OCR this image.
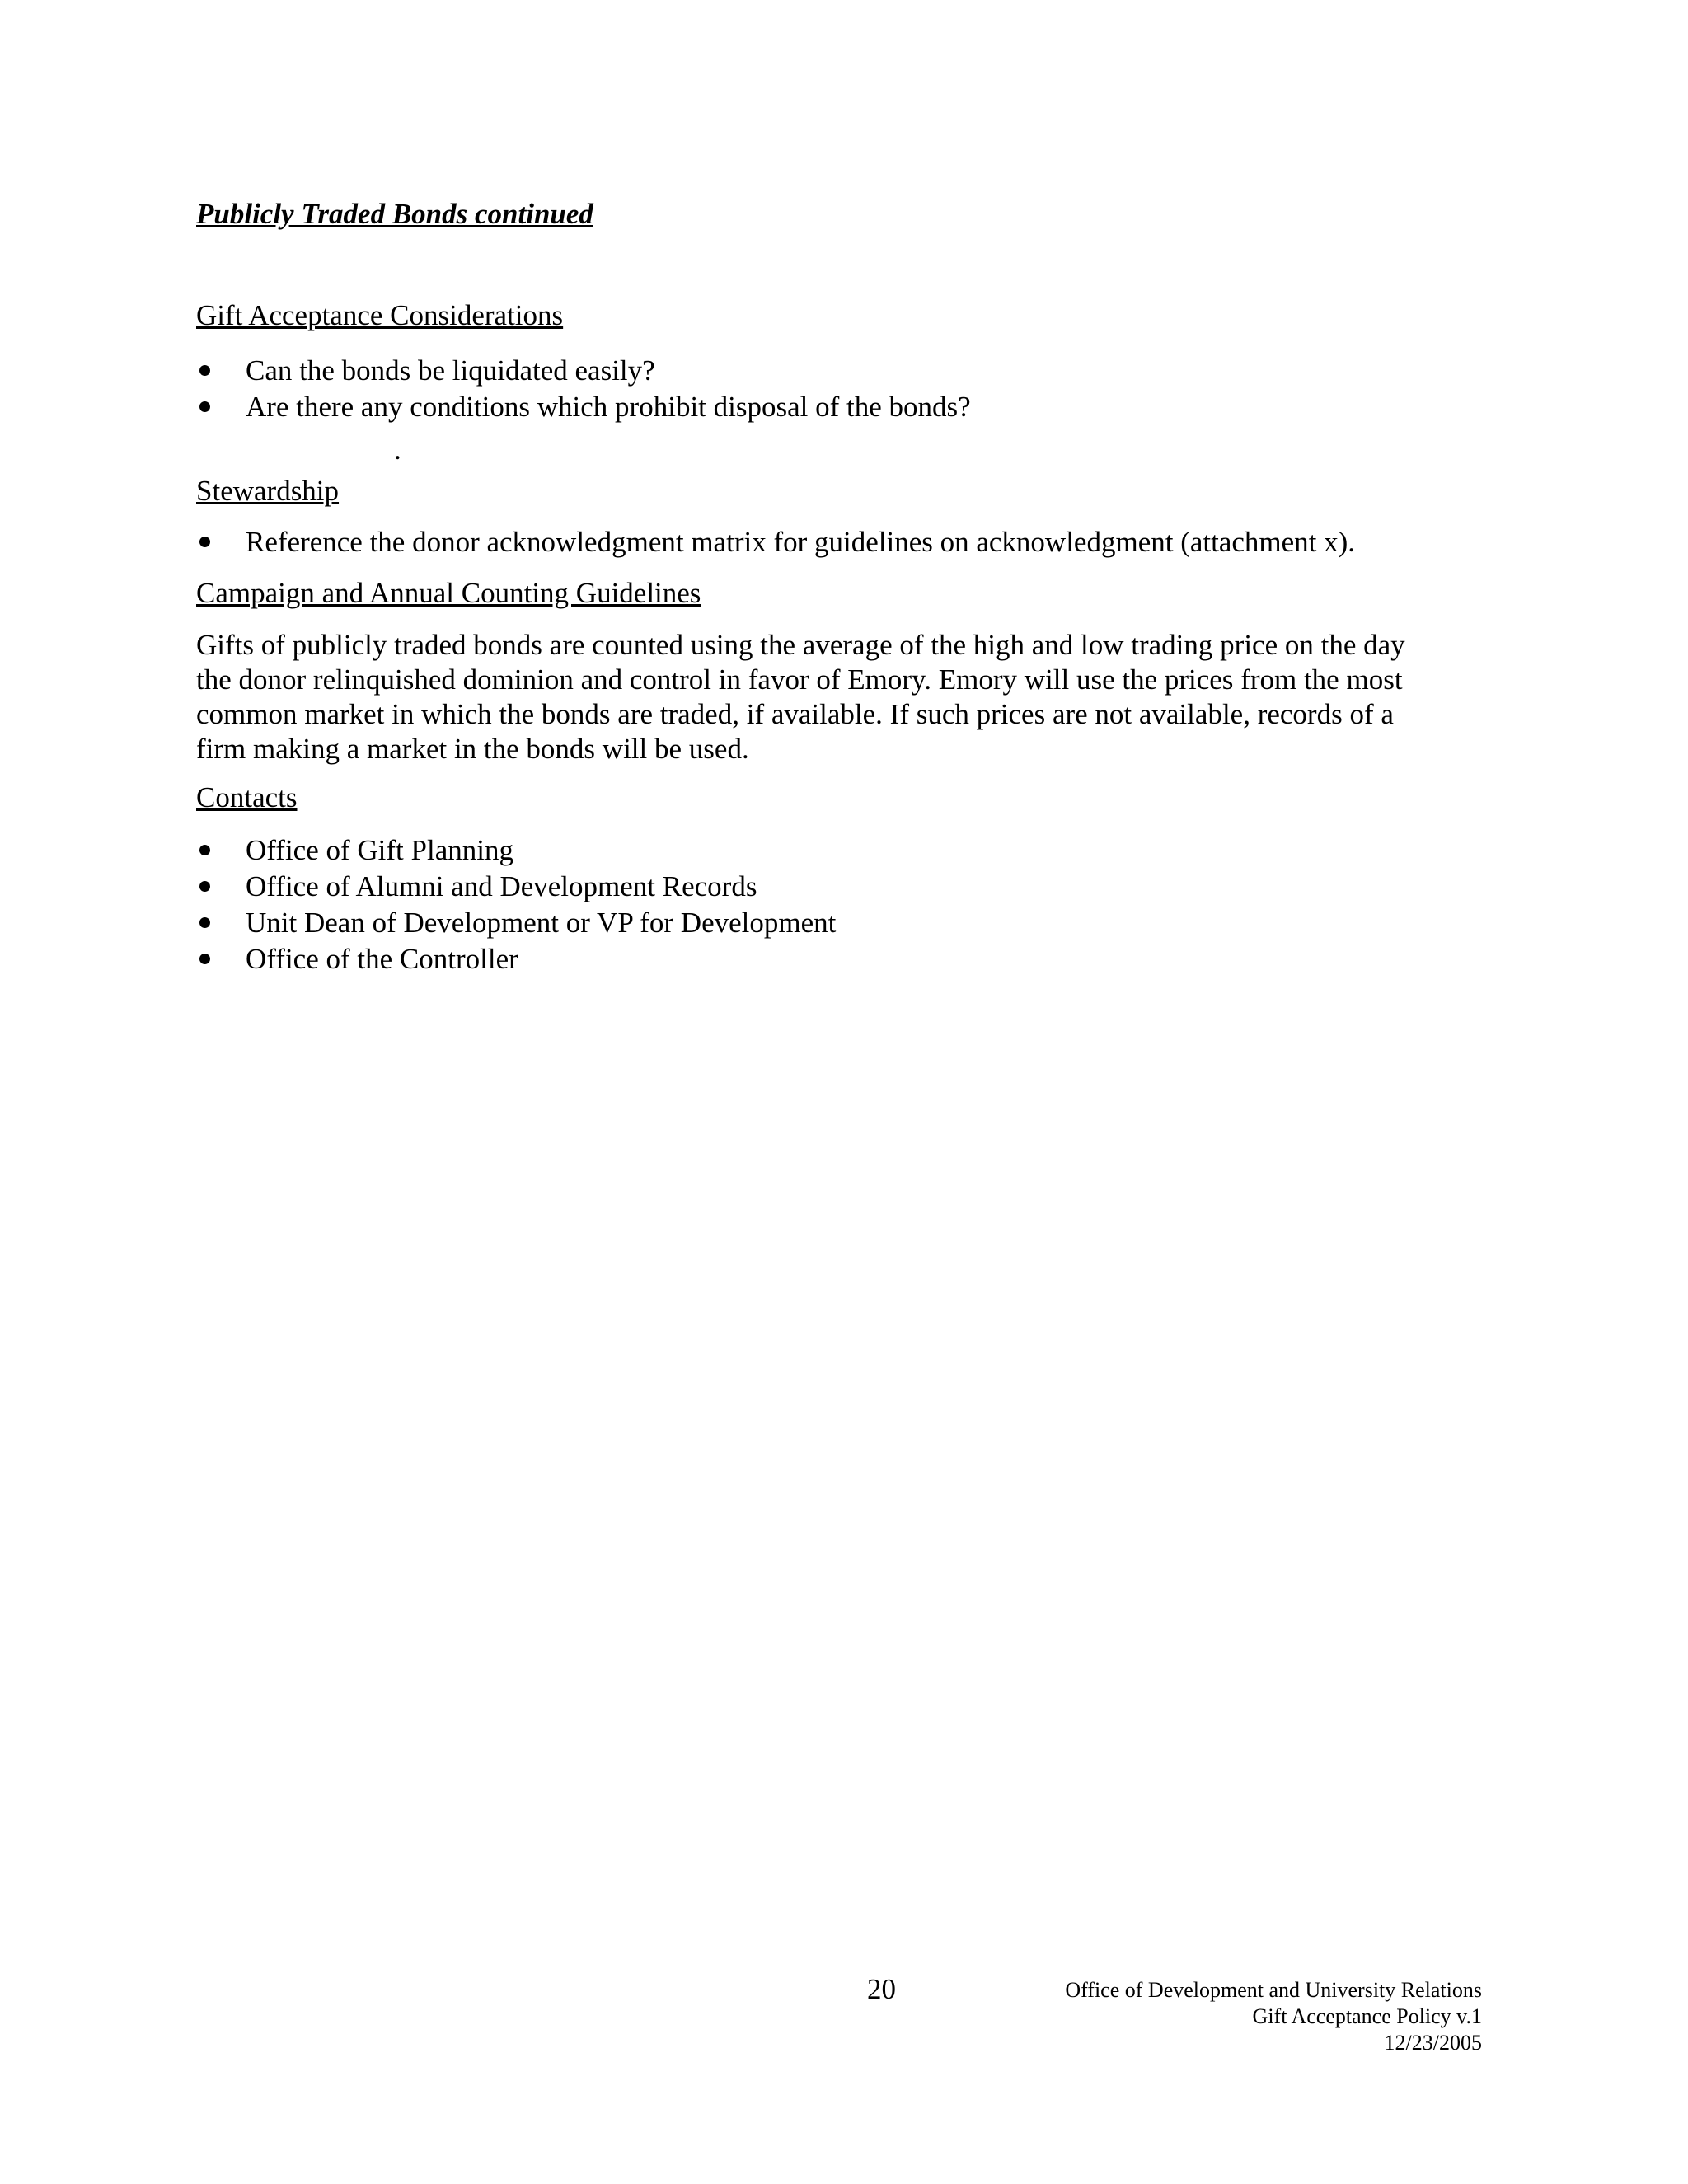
Publicly Traded Bonds continued
Gift Acceptance Considerations
Can the bonds be liquidated easily?
Are there any conditions which prohibit disposal of the bonds?
.
Stewardship
Reference the donor acknowledgment matrix for guidelines on acknowledgment (attachment x).
Campaign and Annual Counting Guidelines

Gifts of publicly traded bonds are counted using the average of the high and low trading price on the day
the donor relinquished dominion and control in favor of Emory. Emory will use the prices from the most
common market in which the bonds are traded, if available. If such prices are not available, records of a
firm making a market in the bonds will be used.

Contacts
Office of Gift Planning
Office of Alumni and Development Records
Unit Dean of Development or VP for Development
Office of the Controller
20	Office of Development and University Relations
Gift Acceptance Policy v.1
12/23/2005
